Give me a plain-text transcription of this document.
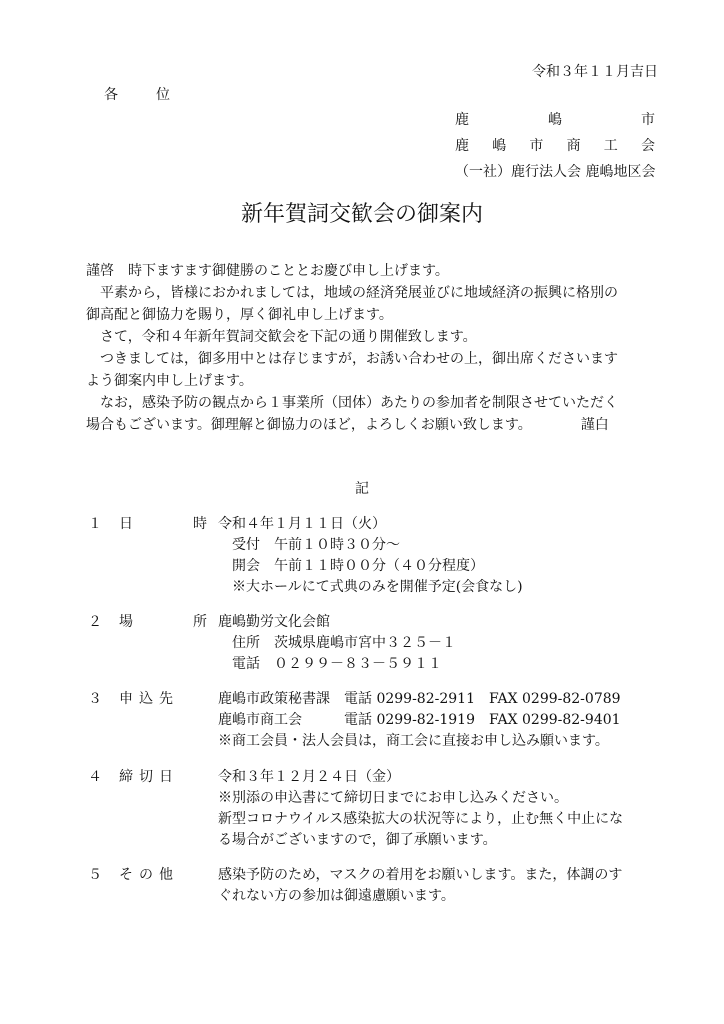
令和３年１１月吉日
各	位
鹿	嶋	市
鹿 嶋 市 商 工 会
（一社）鹿行法人会 鹿嶋地区会
新年賀詞交歓会の御案内

謹啓　時下ますます御健勝のこととお慶び申し上げます。

　平素から，皆様におかれましては，地域の経済発展並びに地域経済の振興に格別の

御高配と御協力を賜り，厚く御礼申し上げます。

　さて，令和４年新年賀詞交歓会を下記の通り開催致します。

　つきましては，御多用中とは存じますが，お誘い合わせの上，御出席くださいます

よう御案内申し上げます。

　なお，感染予防の観点から１事業所（団体）あたりの参加者を制限させていただく

場合もございます。御理解と御協力のほど，よろしくお願い致します。　　　　謹白

記
１	日	時 令和４年１月１１日（火）
　受付　午前１０時３０分～
　開会　午前１１時００分（４０分程度）
　※大ホールにて式典のみを開催予定(会食なし)
２	場	所 鹿嶋勤労文化会館
　住所　茨城県鹿嶋市宮中３２５－１
　電話　０２９９－８３－５９１１
３	申 込 先	鹿嶋市政策秘書課　電話 0299-82-2911　FAX 0299-82-0789
鹿嶋市商工会　　　電話 0299-82-1919　FAX 0299-82-9401
※商工会員・法人会員は，商工会に直接お申し込み願います。
４	締 切 日	令和３年１２月２４日（金）
※別添の申込書にて締切日までにお申し込みください。
新型コロナウイルス感染拡大の状況等により，止む無く中止にな
る場合がございますので，御了承願います。
５	そ の 他	感染予防のため，マスクの着用をお願いします。また，体調のす
ぐれない方の参加は御遠慮願います。
